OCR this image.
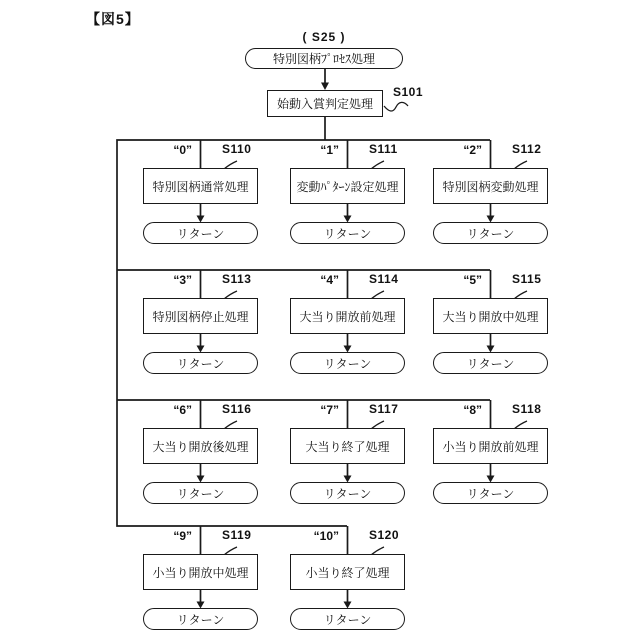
【図5】
( S25 )
特別図柄ﾌﾟﾛｾｽ処理
始動入賞判定処理
S101
“0”	S110
特別図柄通常処理
リターン
“1”	S111
変動ﾊﾟﾀｰﾝ設定処理
リターン
“2”	S112
特別図柄変動処理
リターン
“3”	S113
特別図柄停止処理
リターン
“4”	S114
大当り開放前処理
リターン
“5”	S115
大当り開放中処理
リターン
“6”	S116
大当り開放後処理
リターン
“7”	S117
大当り終了処理
リターン
“8”	S118
小当り開放前処理
リターン
“9”	S119
小当り開放中処理
リターン
“10”	S120
小当り終了処理
リターン
